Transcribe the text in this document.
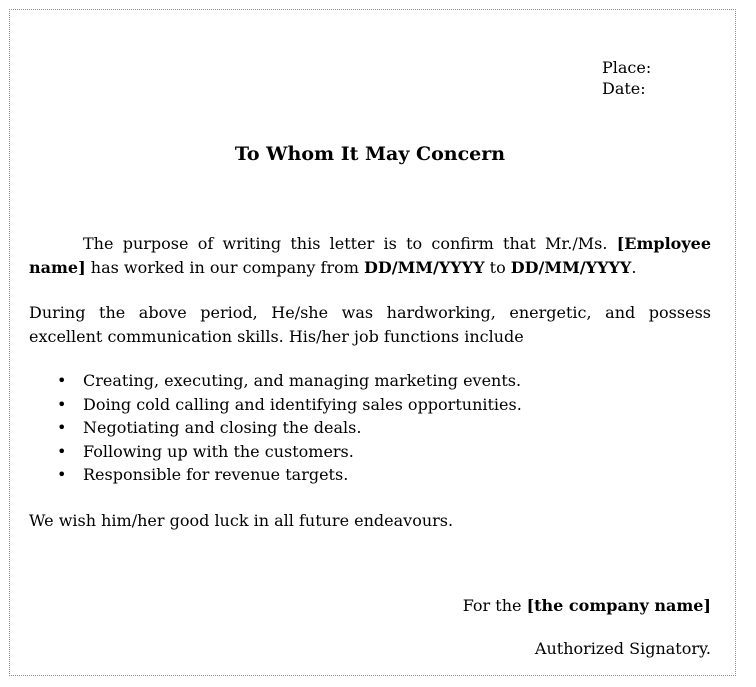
Place:
Date:
To Whom It May Concern
The purpose of writing this letter is to confirm that Mr./Ms. [Employee name] has worked in our company from DD/MM/YYYY to DD/MM/YYYY.
During the above period, He/she was hardworking, energetic, and possess excellent communication skills. His/her job functions include
• Creating, executing, and managing marketing events.
• Doing cold calling and identifying sales opportunities.
• Negotiating and closing the deals.
• Following up with the customers.
• Responsible for revenue targets.
We wish him/her good luck in all future endeavours.
For the [the company name]
Authorized Signatory.
